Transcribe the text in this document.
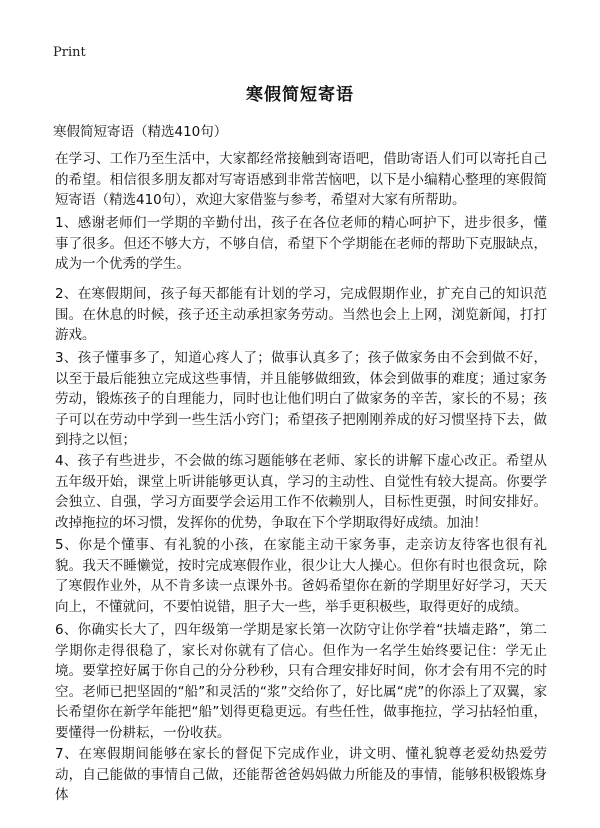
Print
寒假简短寄语
寒假简短寄语（精选410句）
在学习、工作乃至生活中，大家都经常接触到寄语吧，借助寄语人们可以寄托自己的希望。相信很多朋友都对写寄语感到非常苦恼吧，以下是小编精心整理的寒假简短寄语（精选410句），欢迎大家借鉴与参考，希望对大家有所帮助。
1、感谢老师们一学期的辛勤付出，孩子在各位老师的精心呵护下，进步很多，懂事了很多。但还不够大方，不够自信，希望下个学期能在老师的帮助下克服缺点，成为一个优秀的学生。
2、在寒假期间，孩子每天都能有计划的学习，完成假期作业，扩充自己的知识范围。在休息的时候，孩子还主动承担家务劳动。当然也会上上网，浏览新闻，打打游戏。
3、孩子懂事多了，知道心疼人了；做事认真多了；孩子做家务由不会到做不好，以至于最后能独立完成这些事情，并且能够做细致，体会到做事的难度；通过家务劳动，锻炼孩子的自理能力，同时也让他们明白了做家务的辛苦，家长的不易；孩子可以在劳动中学到一些生活小窍门；希望孩子把刚刚养成的好习惯坚持下去，做到持之以恒；
4、孩子有些进步，不会做的练习题能够在老师、家长的讲解下虚心改正。希望从五年级开始，课堂上听讲能够更认真，学习的主动性、自觉性有较大提高。你要学会独立、自强，学习方面要学会运用工作不依赖别人，目标性更强，时间安排好。改掉拖拉的坏习惯，发挥你的优势，争取在下个学期取得好成绩。加油！
5、你是个懂事、有礼貌的小孩，在家能主动干家务事，走亲访友待客也很有礼貌。我天不睡懒觉，按时完成寒假作业，很少让大人操心。但你有时也很贪玩，除了寒假作业外，从不肯多读一点课外书。爸妈希望你在新的学期里好好学习，天天向上，不懂就问，不要怕说错，胆子大一些，举手更积极些，取得更好的成绩。
6、你确实长大了，四年级第一学期是家长第一次防守让你学着“扶墙走路”，第二学期你走得很稳了，家长对你就有了信心。但作为一名学生始终要记住：学无止境。要掌控好属于你自己的分分秒秒，只有合理安排好时间，你才会有用不完的时空。老师已把坚固的“船”和灵活的“浆”交给你了，好比属“虎”的你添上了双翼，家长希望你在新学年能把“船”划得更稳更远。有些任性，做事拖拉，学习拈轻怕重，要懂得一份耕耘，一份收获。
7、在寒假期间能够在家长的督促下完成作业，讲文明、懂礼貌尊老爱幼热爱劳动，自己能做的事情自己做，还能帮爸爸妈妈做力所能及的事情，能够积极锻炼身体
